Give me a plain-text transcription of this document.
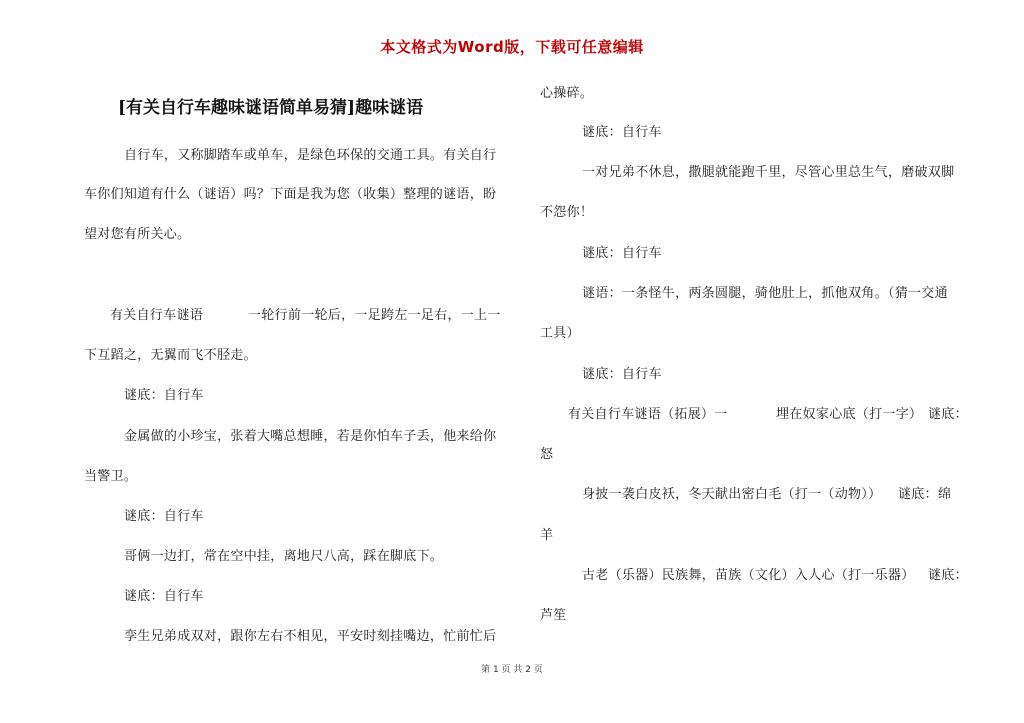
本文格式为Word版，下载可任意编辑
[有关自行车趣味谜语简单易猜]趣味谜语
自行车，又称脚踏车或单车，是绿色环保的交通工具。有关自行
车你们知道有什么（谜语）吗？下面是我为您（收集）整理的谜语，盼
望对您有所关心。
有关自行车谜语	一轮行前一轮后，一足跨左一足右，一上一
下互蹈之，无翼而飞不胫走。
谜底：自行车
金属做的小珍宝，张着大嘴总想睡，若是你怕车子丢，他来给你
当警卫。
谜底：自行车
哥俩一边打，常在空中挂，离地尺八高，踩在脚底下。
谜底：自行车
孪生兄弟成双对，跟你左右不相见，平安时刻挂嘴边，忙前忙后
心操碎。
谜底：自行车
一对兄弟不休息，撒腿就能跑千里，尽管心里总生气，磨破双脚
不怨你！
谜底：自行车
谜语：一条怪牛，两条圆腿，骑他肚上，抓他双角。（猜一交通
工具）
谜底：自行车
有关自行车谜语（拓展）一	埋在奴家心底（打一字） 谜底：
怒
身披一袭白皮袄，冬天献出密白毛（打一（动物）） 谜底： 绵
羊
古老（乐器）民族舞，苗族（文化）入人心（打一乐器） 谜底：
芦笙
第 1 页 共 2 页
